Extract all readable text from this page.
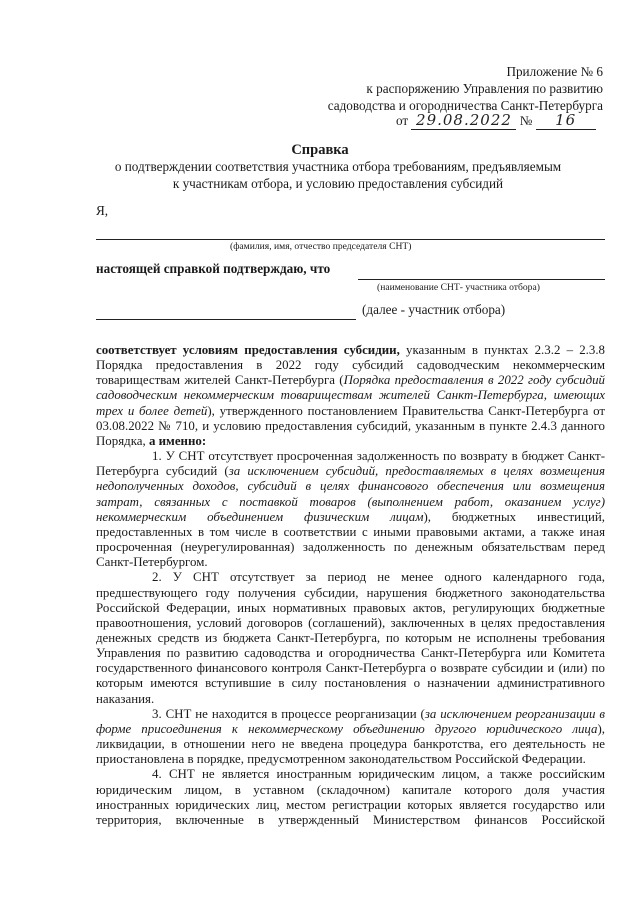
Приложение № 6
к распоряжению Управления по развитию
садоводства и огородничества Санкт-Петербурга
от 29.08.2022 № 16
Справка
о подтверждении соответствия участника отбора требованиям, предъявляемым
к участникам отбора, и условию предоставления субсидий
Я,
(фамилия, имя, отчество председателя СНТ)
настоящей справкой подтверждаю, что
(наименование СНТ- участника отбора)
(далее - участник отбора)

соответствует условиям предоставления субсидии, указанным в пунктах 2.3.2 – 2.3.8 Порядка предоставления в 2022 году субсидий садоводческим некоммерческим товариществам жителей Санкт-Петербурга (Порядка предоставления в 2022 году субсидий садоводческим некоммерческим товариществам жителей Санкт-Петербурга, имеющих трех и более детей), утвержденного постановлением Правительства Санкт-Петербурга от 03.08.2022 № 710, и условию предоставления субсидий, указанным в пункте 2.4.3 данного Порядка, а именно:

1. У СНТ отсутствует просроченная задолженность по возврату в бюджет Санкт-Петербурга субсидий (за исключением субсидий, предоставляемых в целях возмещения недополученных доходов, субсидий в целях финансового обеспечения или возмещения затрат, связанных с поставкой товаров (выполнением работ, оказанием услуг) некоммерческим объединением физическим лицам), бюджетных инвестиций, предоставленных в том числе в соответствии с иными правовыми актами, а также иная просроченная (неурегулированная) задолженность по денежным обязательствам перед Санкт-Петербургом.

2. У СНТ отсутствует за период не менее одного календарного года, предшествующего году получения субсидии, нарушения бюджетного законодательства Российской Федерации, иных нормативных правовых актов, регулирующих бюджетные правоотношения, условий договоров (соглашений), заключенных в целях предоставления денежных средств из бюджета Санкт-Петербурга, по которым не исполнены требования Управления по развитию садоводства и огородничества Санкт-Петербурга или Комитета государственного финансового контроля Санкт-Петербурга о возврате субсидии и (или) по которым имеются вступившие в силу постановления о назначении административного наказания.

3. СНТ не находится в процессе реорганизации (за исключением реорганизации в форме присоединения к некоммерческому объединению другого юридического лица), ликвидации, в отношении него не введена процедура банкротства, его деятельность не приостановлена в порядке, предусмотренном законодательством Российской Федерации.

4. СНТ не является иностранным юридическим лицом, а также российским юридическим лицом, в уставном (складочном) капитале которого доля участия иностранных юридических лиц, местом регистрации которых является государство или территория, включенные в утвержденный Министерством финансов Российской
